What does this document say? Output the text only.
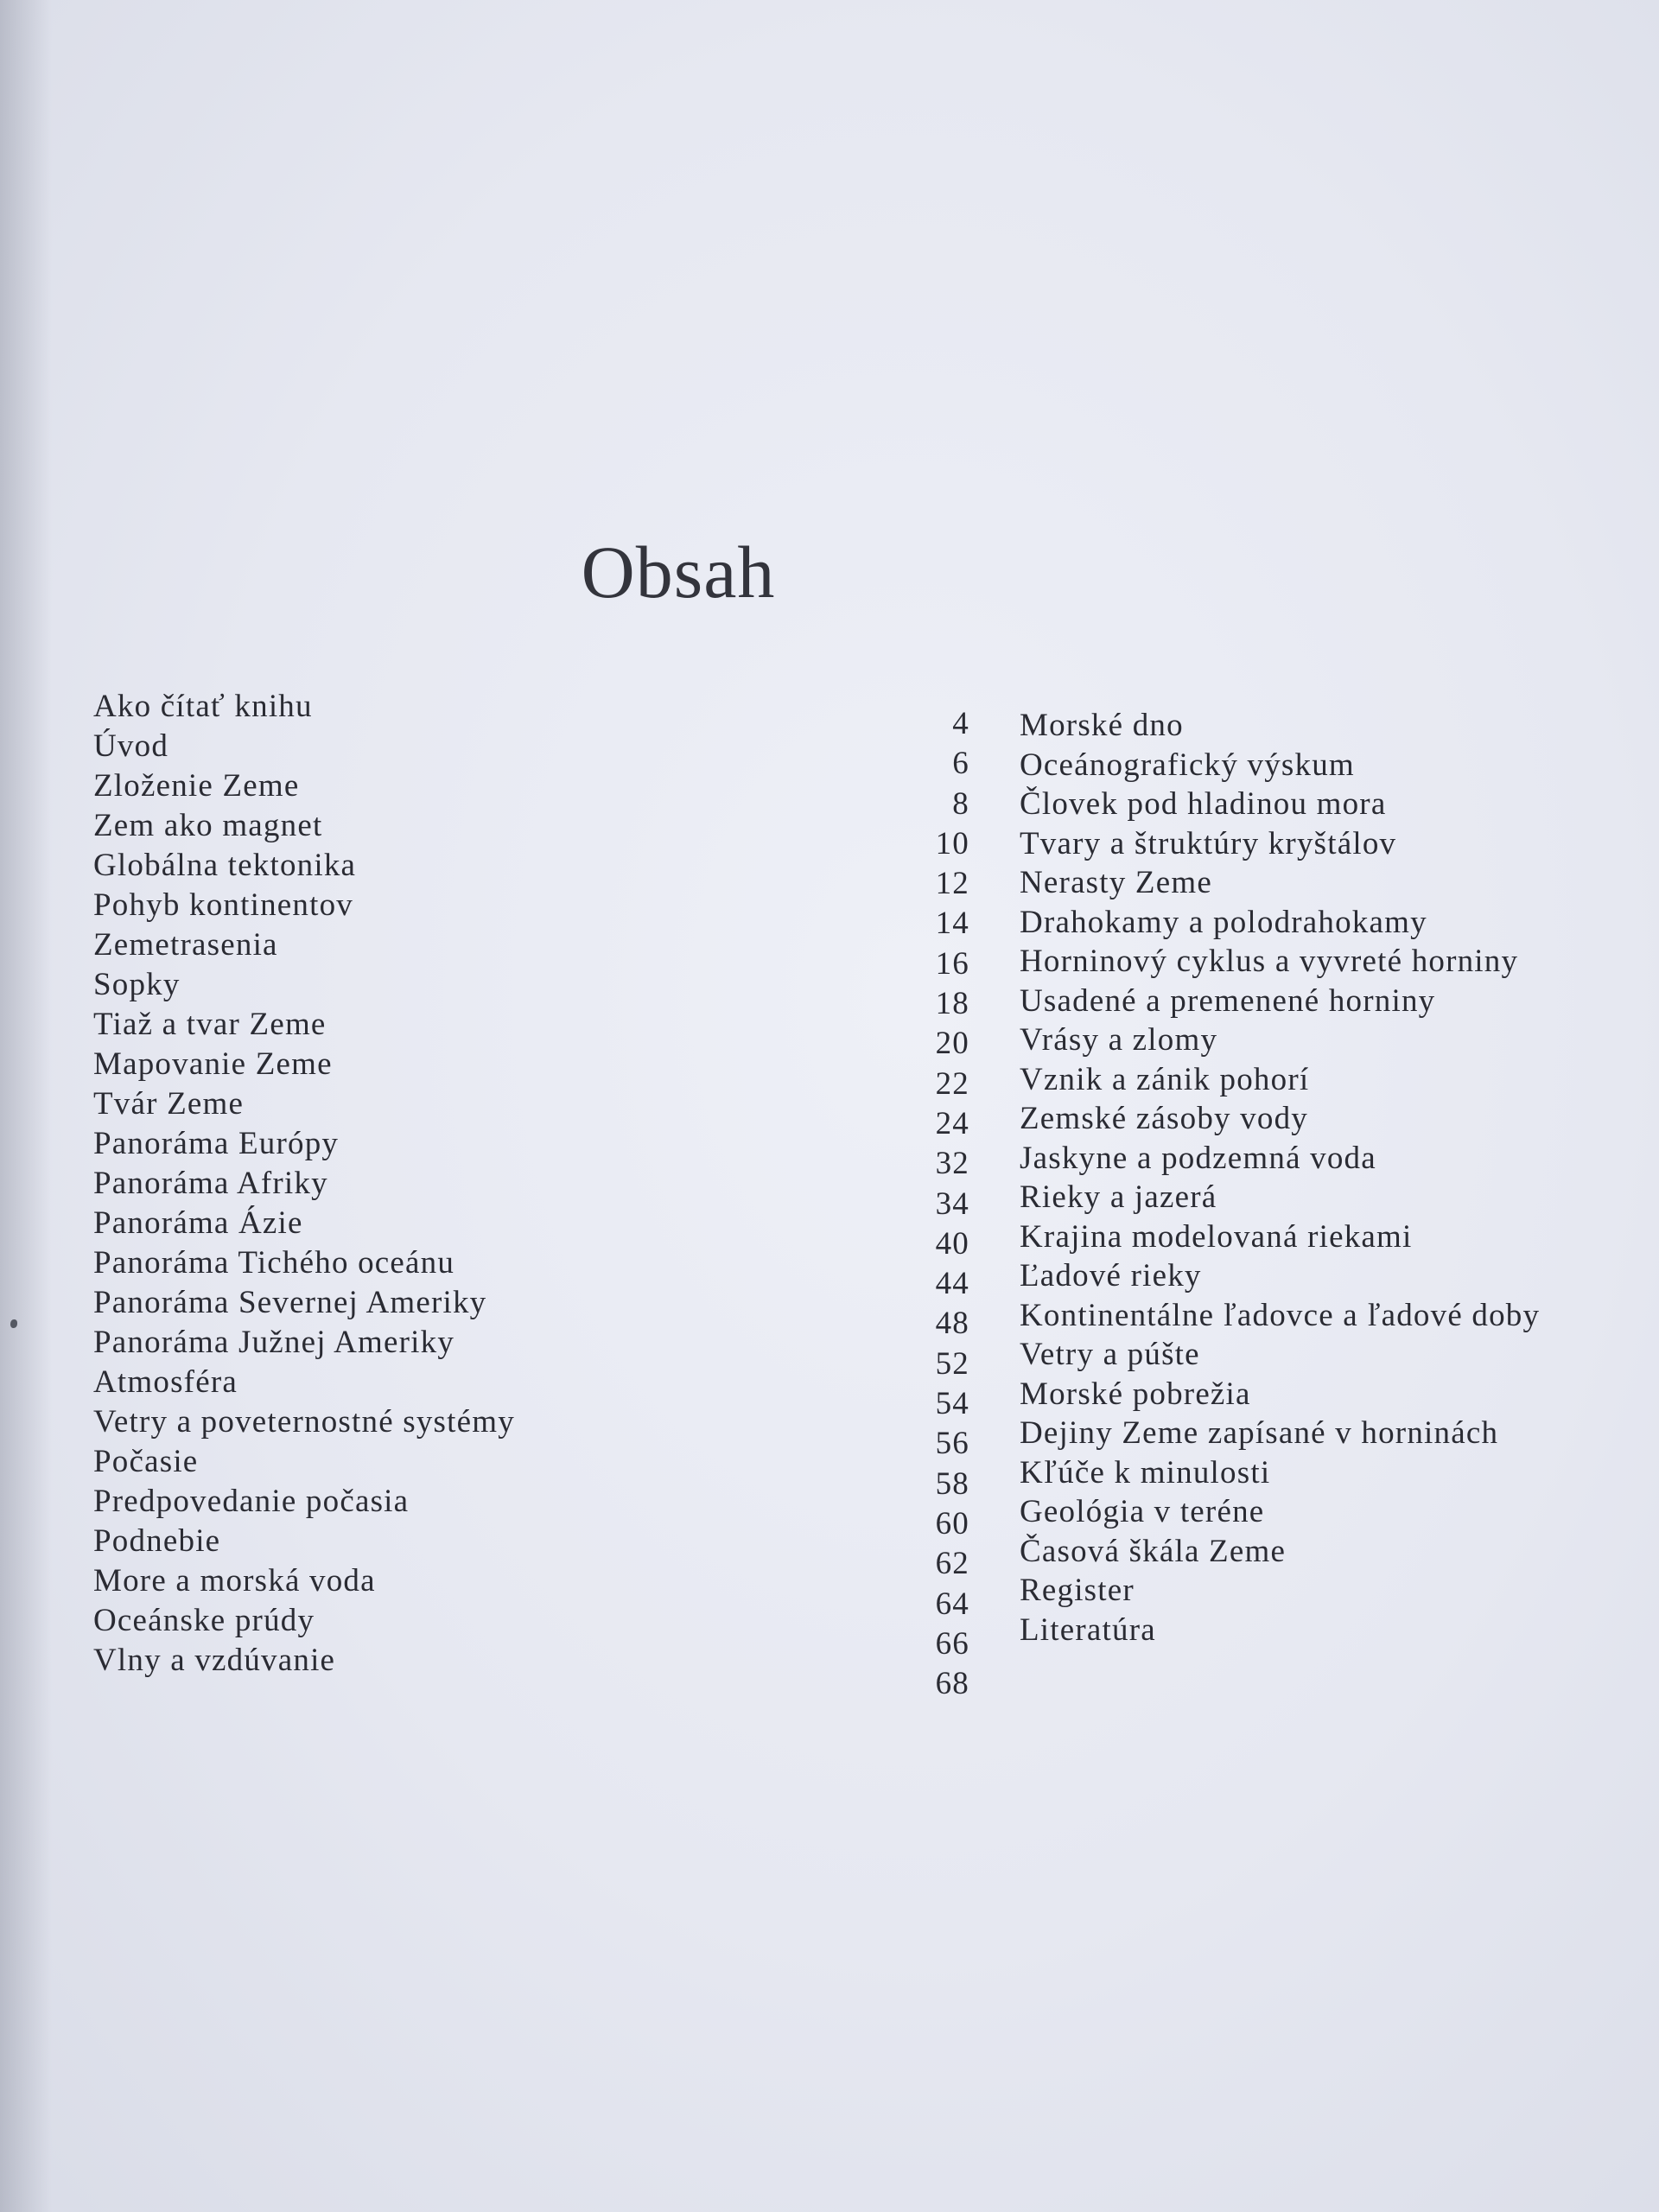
Obsah
Ako čítať knihu
Úvod
Zloženie Zeme
Zem ako magnet
Globálna tektonika
Pohyb kontinentov
Zemetrasenia
Sopky
Tiaž a tvar Zeme
Mapovanie Zeme
Tvár Zeme
Panoráma Európy
Panoráma Afriky
Panoráma Ázie
Panoráma Tichého oceánu
Panoráma Severnej Ameriky
Panoráma Južnej Ameriky
Atmosféra
Vetry a poveternostné systémy
Počasie
Predpovedanie počasia
Podnebie
More a morská voda
Oceánske prúdy
Vlny a vzdúvanie
4
6
8
10
12
14
16
18
20
22
24
32
34
40
44
48
52
54
56
58
60
62
64
66
68
Morské dno
Oceánografický výskum
Človek pod hladinou mora
Tvary a štruktúry kryštálov
Nerasty Zeme
Drahokamy a polodrahokamy
Horninový cyklus a vyvreté horniny
Usadené a premenené horniny
Vrásy a zlomy
Vznik a zánik pohorí
Zemské zásoby vody
Jaskyne a podzemná voda
Rieky a jazerá
Krajina modelovaná riekami
Ľadové rieky
Kontinentálne ľadovce a ľadové doby
Vetry a púšte
Morské pobrežia
Dejiny Zeme zapísané v horninách
Kľúče k minulosti
Geológia v teréne
Časová škála Zeme
Register
Literatúra
